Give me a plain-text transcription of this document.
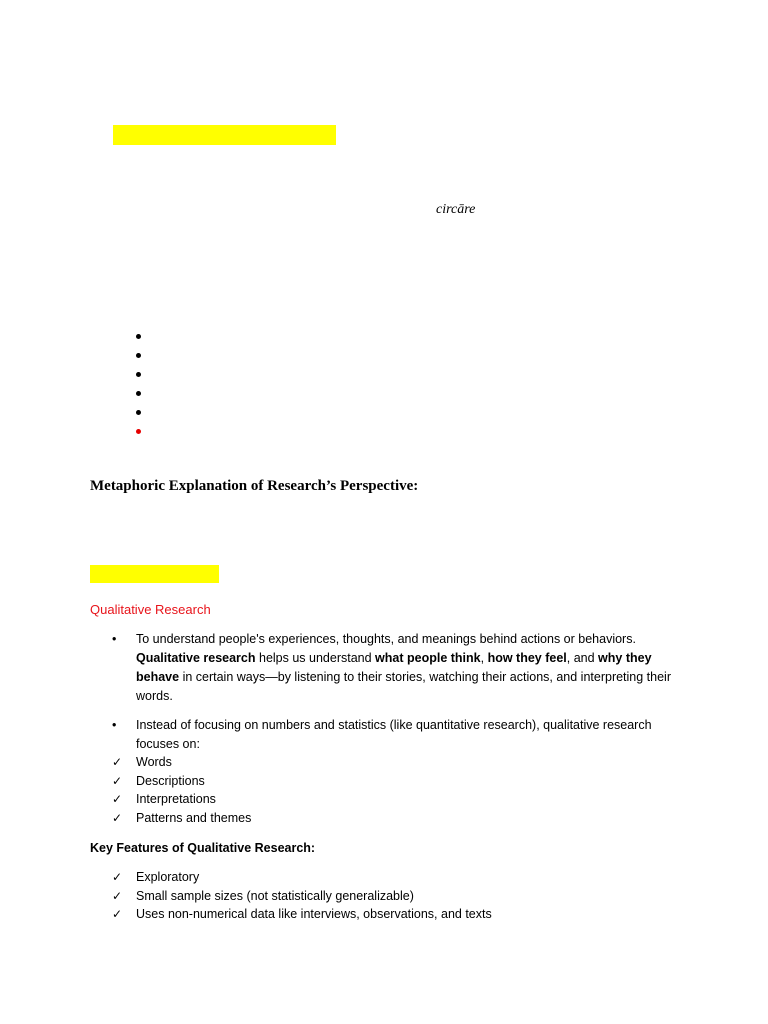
circāre
Metaphoric Explanation of Research’s Perspective:
Qualitative Research
•	To understand people's experiences, thoughts, and meanings behind actions or behaviors. Qualitative research helps us understand what people think, how they feel, and why they behave in certain ways—by listening to their stories, watching their actions, and interpreting their words.
•	Instead of focusing on numbers and statistics (like quantitative research), qualitative research focuses on:
✓ Words
✓ Descriptions
✓ Interpretations
✓ Patterns and themes
Key Features of Qualitative Research:
✓ Exploratory
✓ Small sample sizes (not statistically generalizable)
✓ Uses non-numerical data like interviews, observations, and texts
